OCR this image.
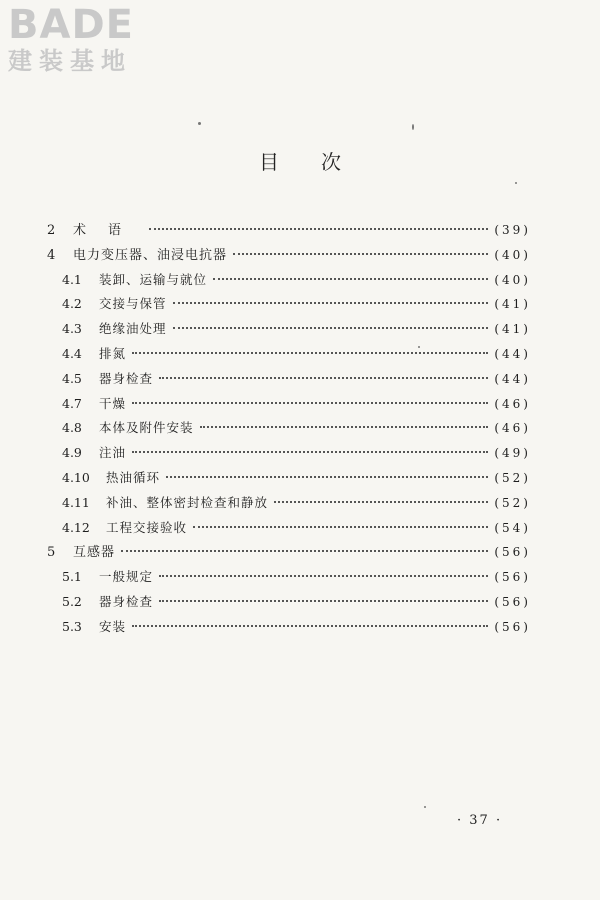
BADE
建装基地
目次
2	术语	(39)
4	电力变压器、油浸电抗器	(40)
4.1	装卸、运输与就位	(40)
4.2	交接与保管	(41)
4.3	绝缘油处理	(41)
4.4	排氮	(44)
4.5	器身检查	(44)
4.7	干燥	(46)
4.8	本体及附件安装	(46)
4.9	注油	(49)
4.10	热油循环	(52)
4.11	补油、整体密封检查和静放	(52)
4.12	工程交接验收	(54)
5	互感器	(56)
5.1	一般规定	(56)
5.2	器身检查	(56)
5.3	安装	(56)
· 37 ·
